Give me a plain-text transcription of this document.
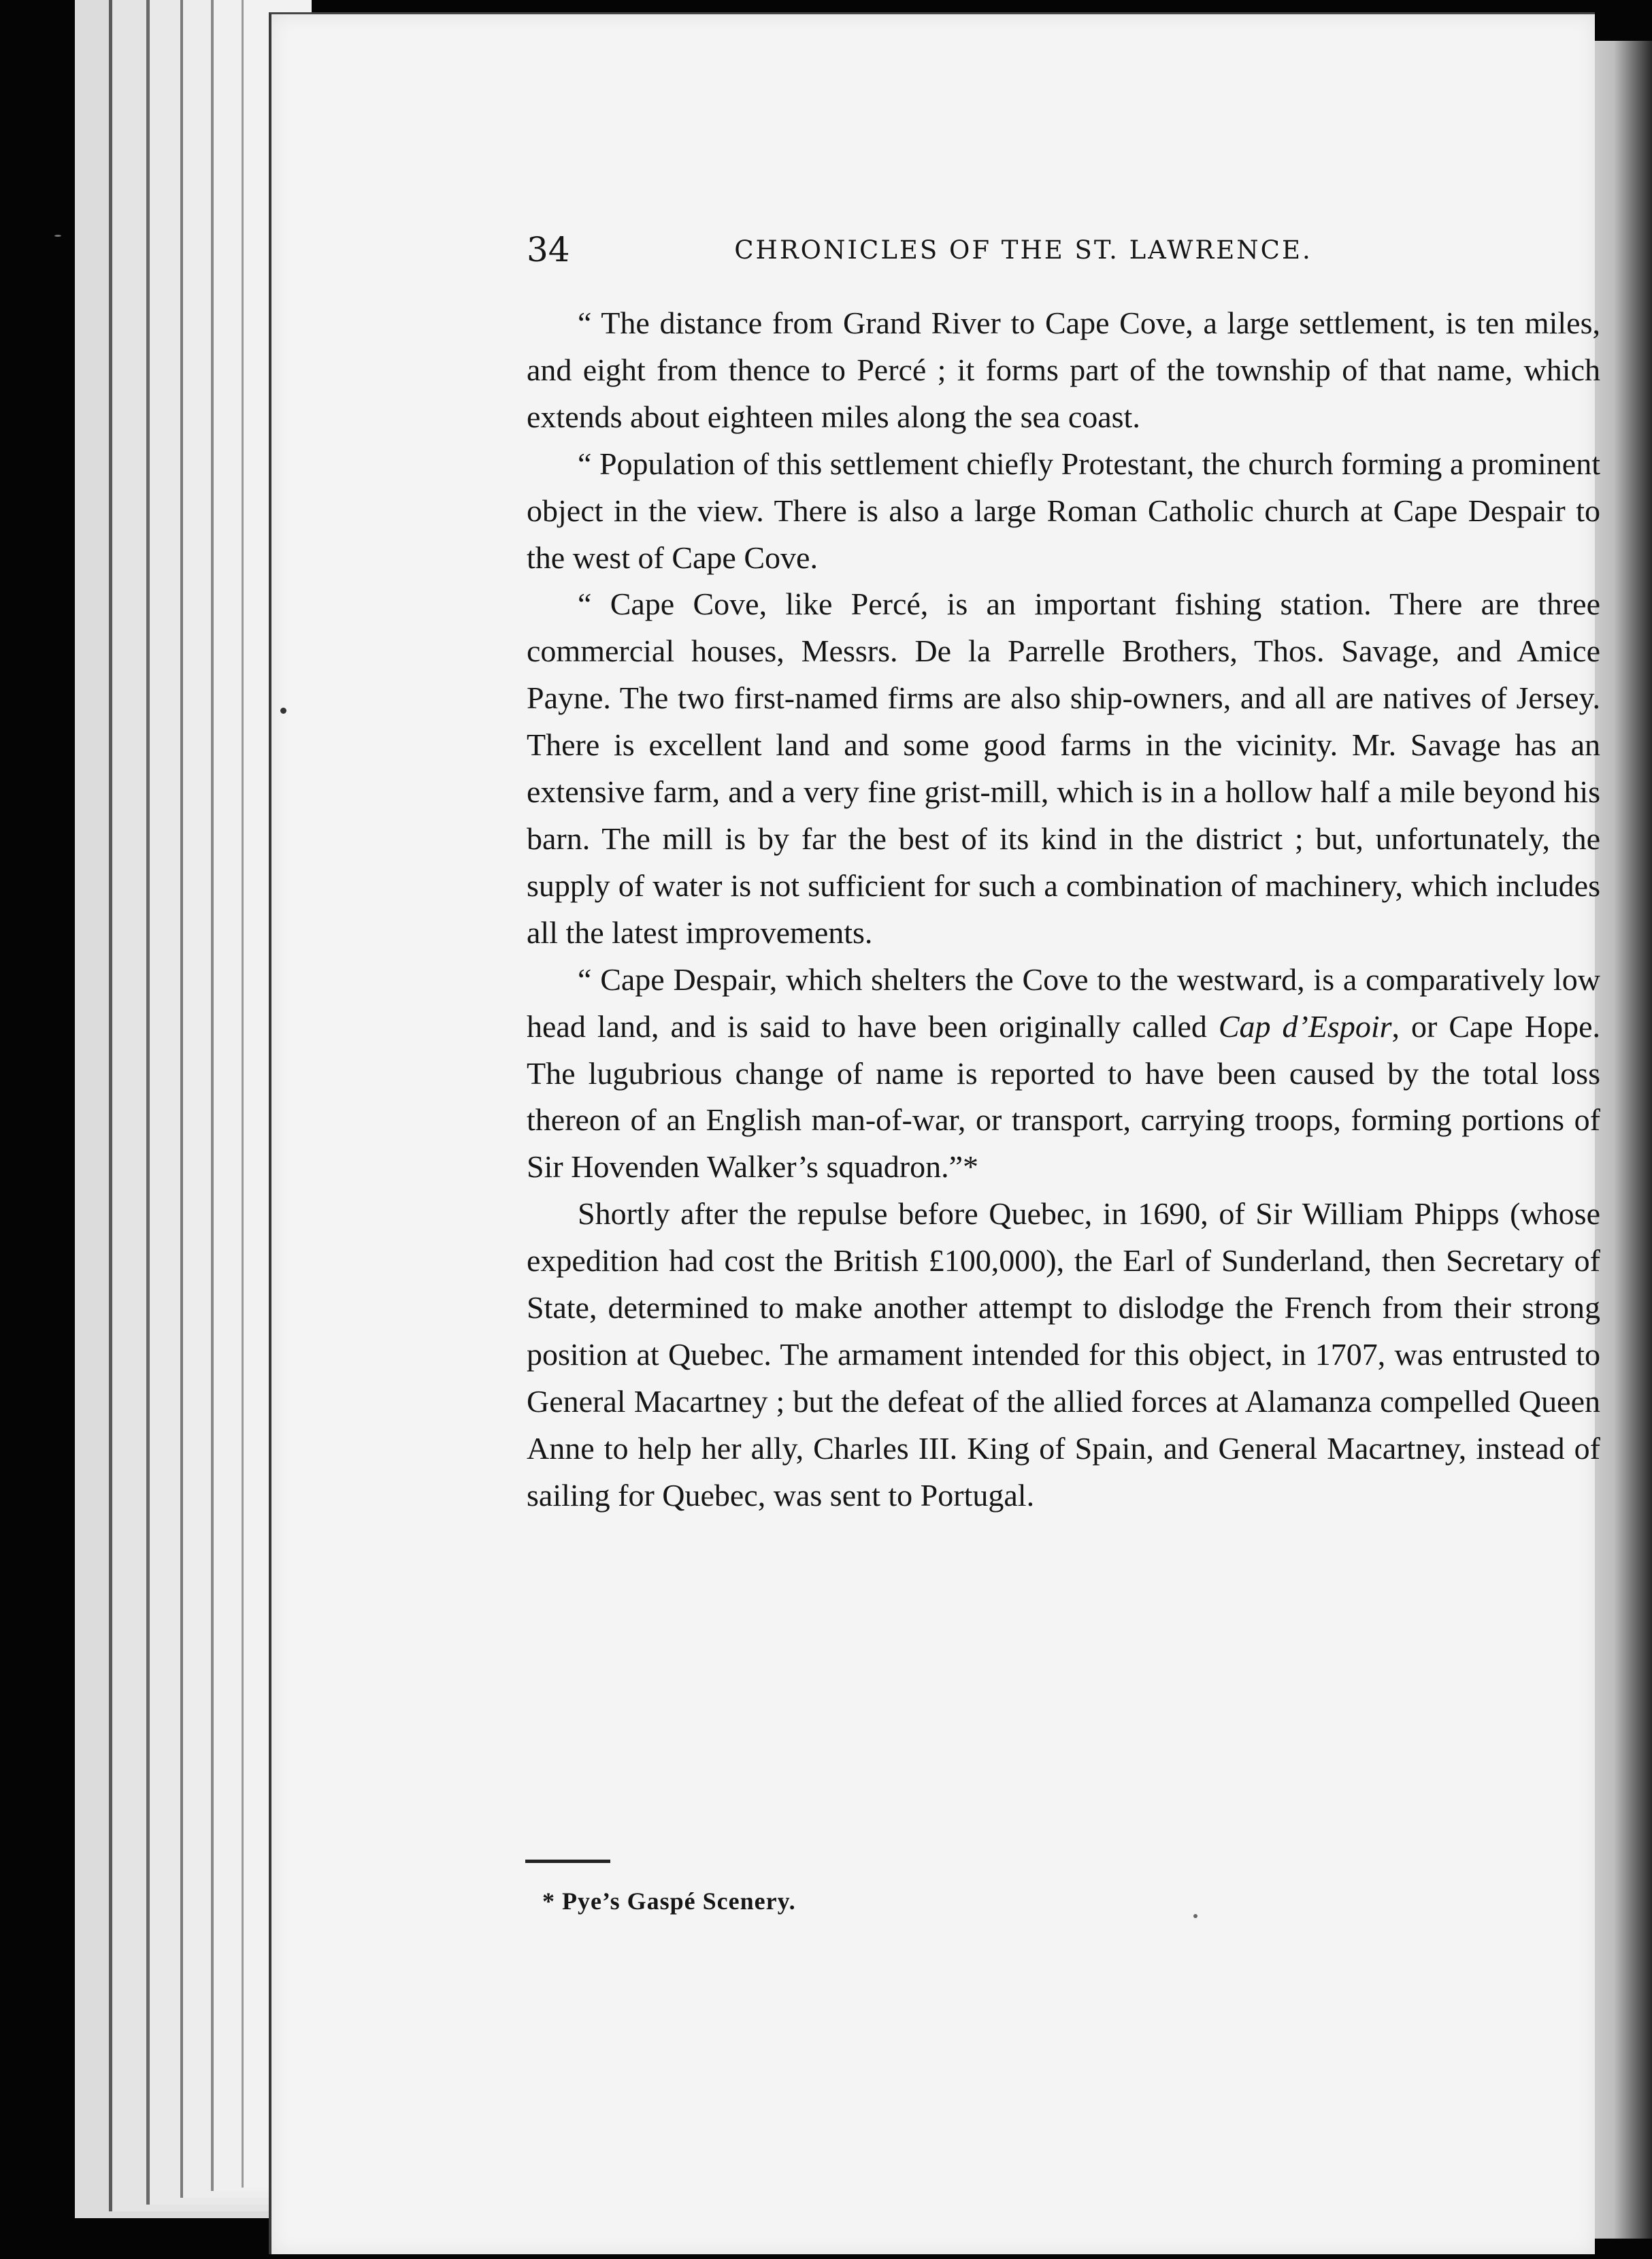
34	CHRONICLES OF THE ST. LAWRENCE.

“ The distance from Grand River to Cape Cove, a large settlement, is ten miles, and eight from thence to Percé ; it forms part of the township of that name, which extends about eighteen miles along the sea coast.

“ Population of this settlement chiefly Protestant, the church forming a prominent object in the view. There is also a large Roman Catholic church at Cape Despair to the west of Cape Cove.

“ Cape Cove, like Percé, is an important fishing station. There are three commercial houses, Messrs. De la Parrelle Brothers, Thos. Savage, and Amice Payne. The two first-named firms are also ship-owners, and all are natives of Jersey. There is excellent land and some good farms in the vicinity. Mr. Savage has an extensive farm, and a very fine grist-mill, which is in a hollow half a mile beyond his barn. The mill is by far the best of its kind in the district ; but, unfortunately, the supply of water is not sufficient for such a combination of machinery, which includes all the latest improvements.

“ Cape Despair, which shelters the Cove to the westward, is a comparatively low head land, and is said to have been originally called Cap d’Espoir, or Cape Hope. The lugubrious change of name is reported to have been caused by the total loss thereon of an English man-of-war, or transport, carrying troops, forming portions of Sir Hovenden Walker’s squadron.”*

Shortly after the repulse before Quebec, in 1690, of Sir William Phipps (whose expedition had cost the British £100,000), the Earl of Sunderland, then Secretary of State, determined to make another attempt to dislodge the French from their strong position at Quebec. The armament intended for this object, in 1707, was entrusted to General Macartney ; but the defeat of the allied forces at Alamanza compelled Queen Anne to help her ally, Charles III. King of Spain, and General Macartney, instead of sailing for Quebec, was sent to Portugal.

* Pye’s Gaspé Scenery.
